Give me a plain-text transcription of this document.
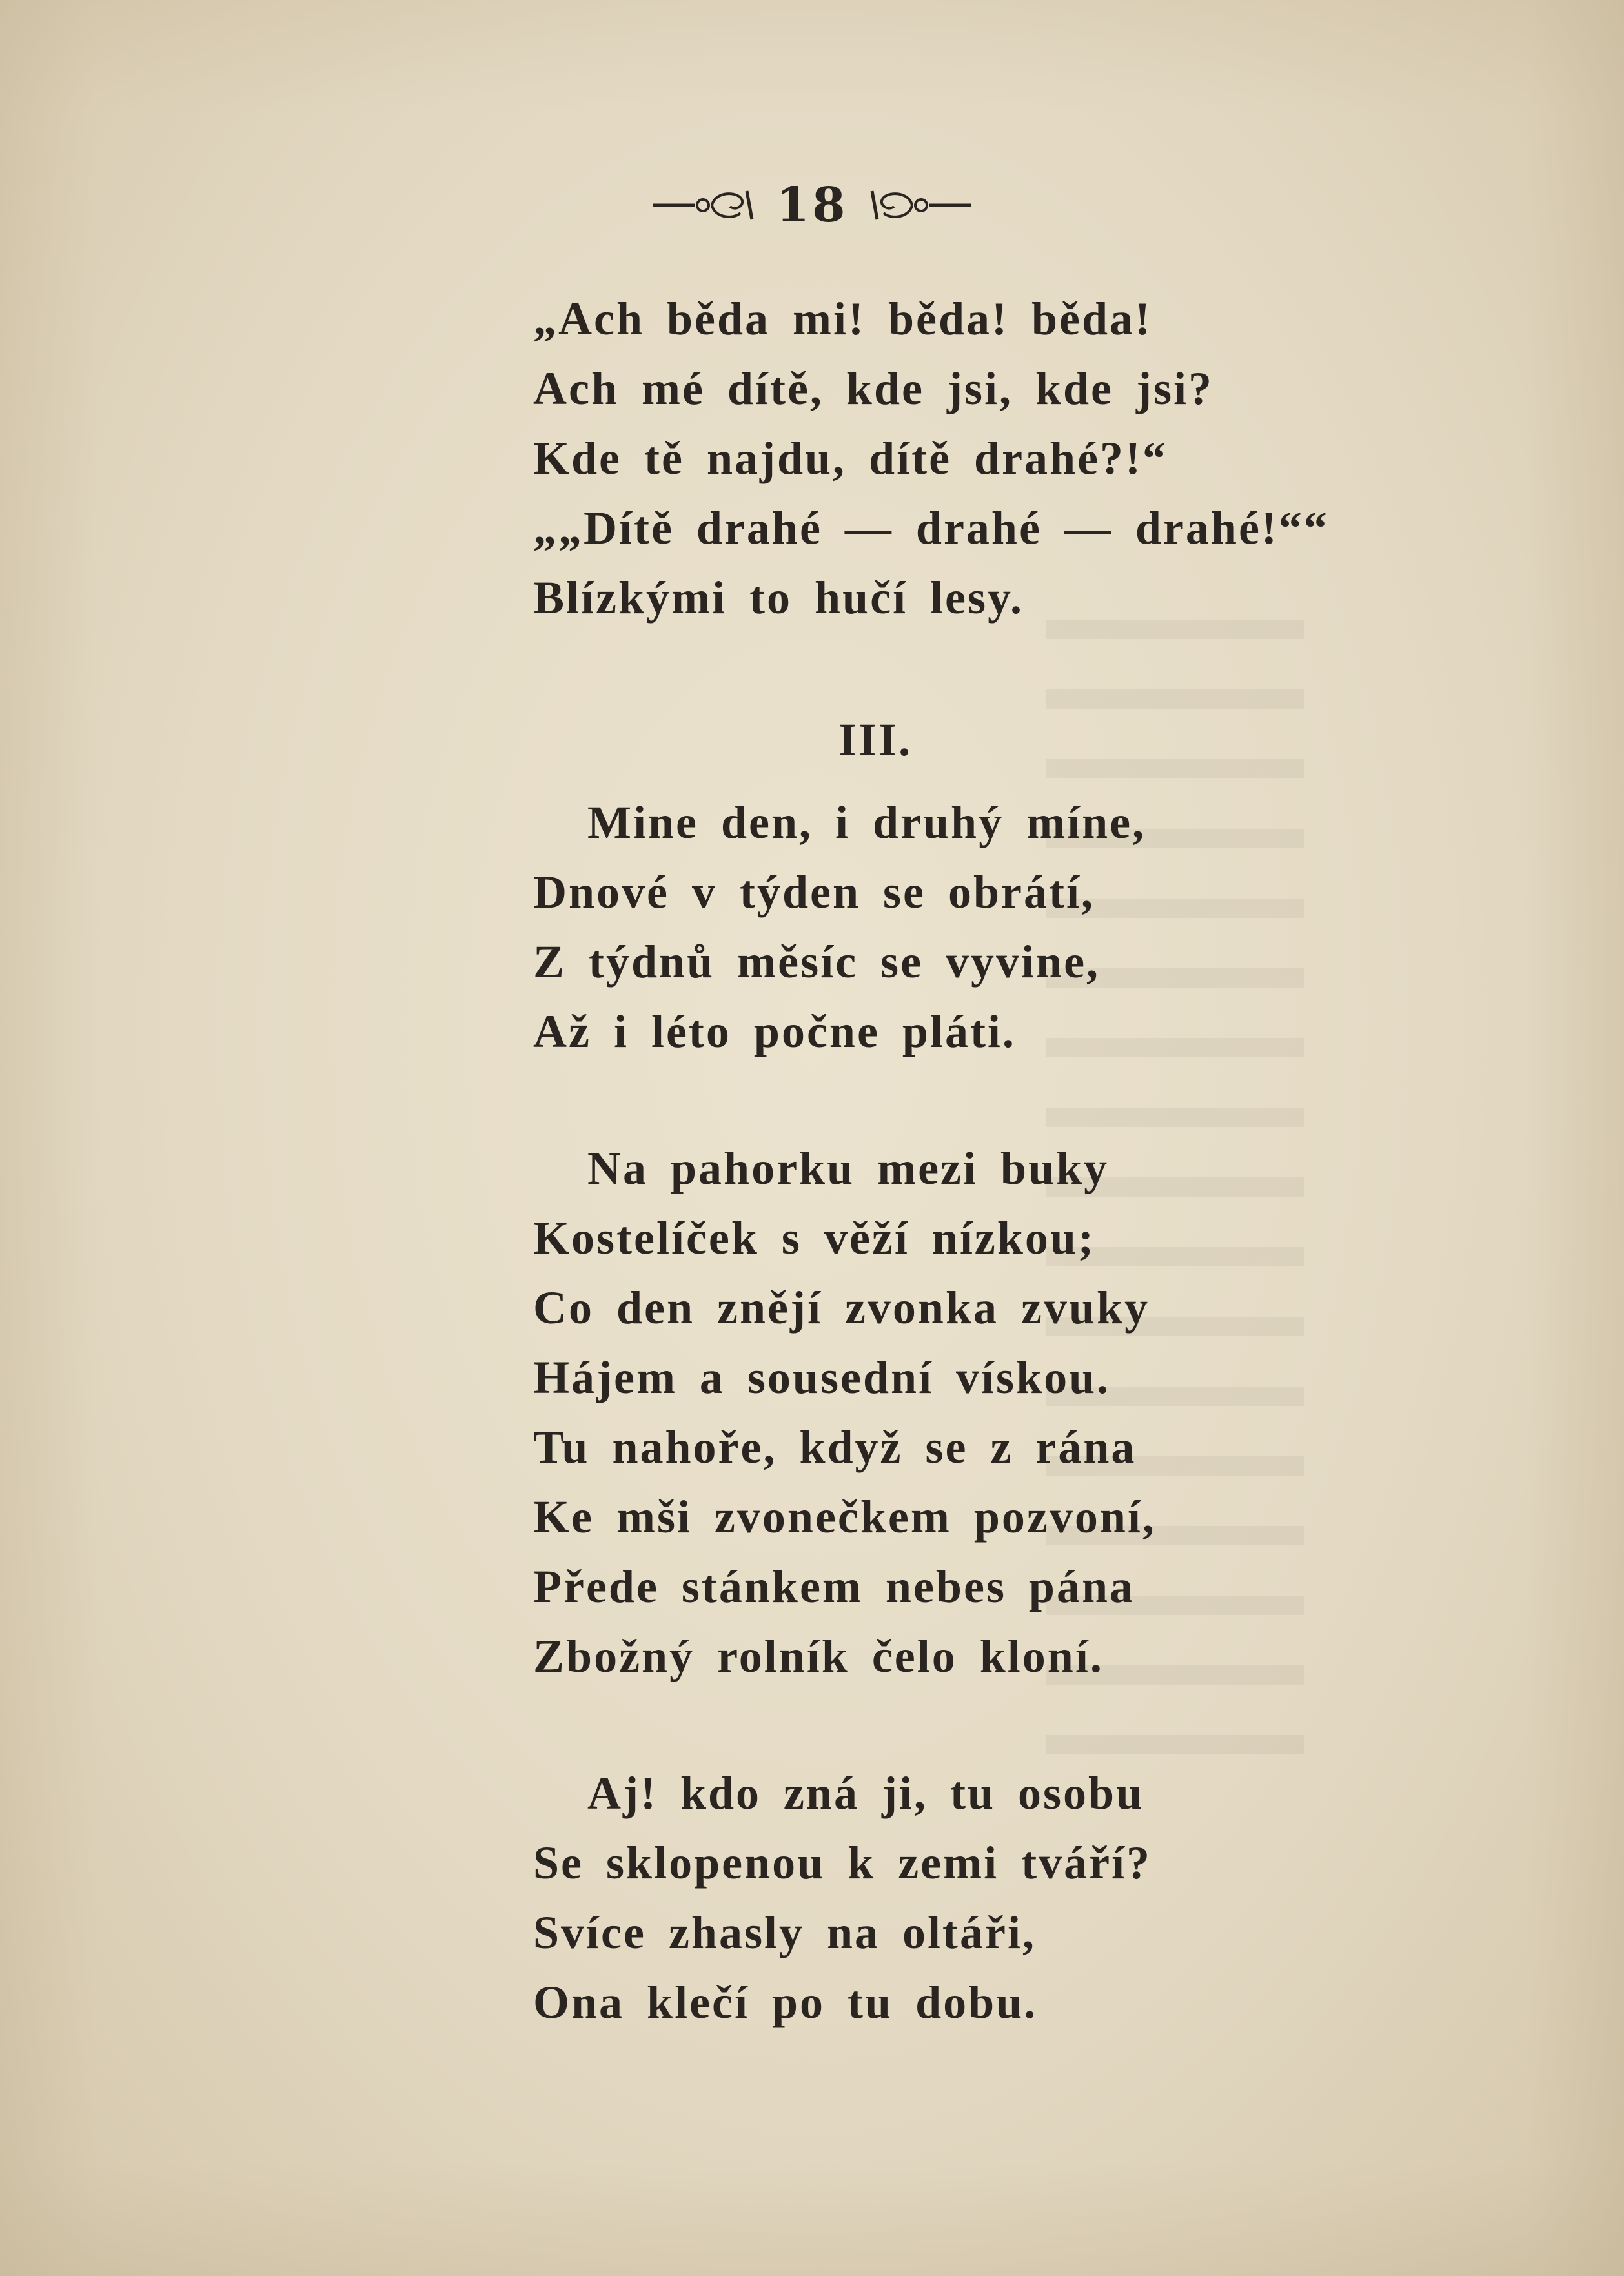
18
„Ach běda mi! běda! běda!
Ach mé dítě, kde jsi, kde jsi?
Kde tě najdu, dítě drahé?!“
„„Dítě drahé — drahé — drahé!““
Blízkými to hučí lesy.
III.
Mine den, i druhý míne,
Dnové v týden se obrátí,
Z týdnů měsíc se vyvine,
Až i léto počne pláti.
Na pahorku mezi buky
Kostelíček s věží nízkou;
Co den znějí zvonka zvuky
Hájem a sousední vískou.
Tu nahoře, když se z rána
Ke mši zvonečkem pozvoní,
Přede stánkem nebes pána
Zbožný rolník čelo kloní.
Aj! kdo zná ji, tu osobu
Se sklopenou k zemi tváří?
Svíce zhasly na oltáři,
Ona klečí po tu dobu.
